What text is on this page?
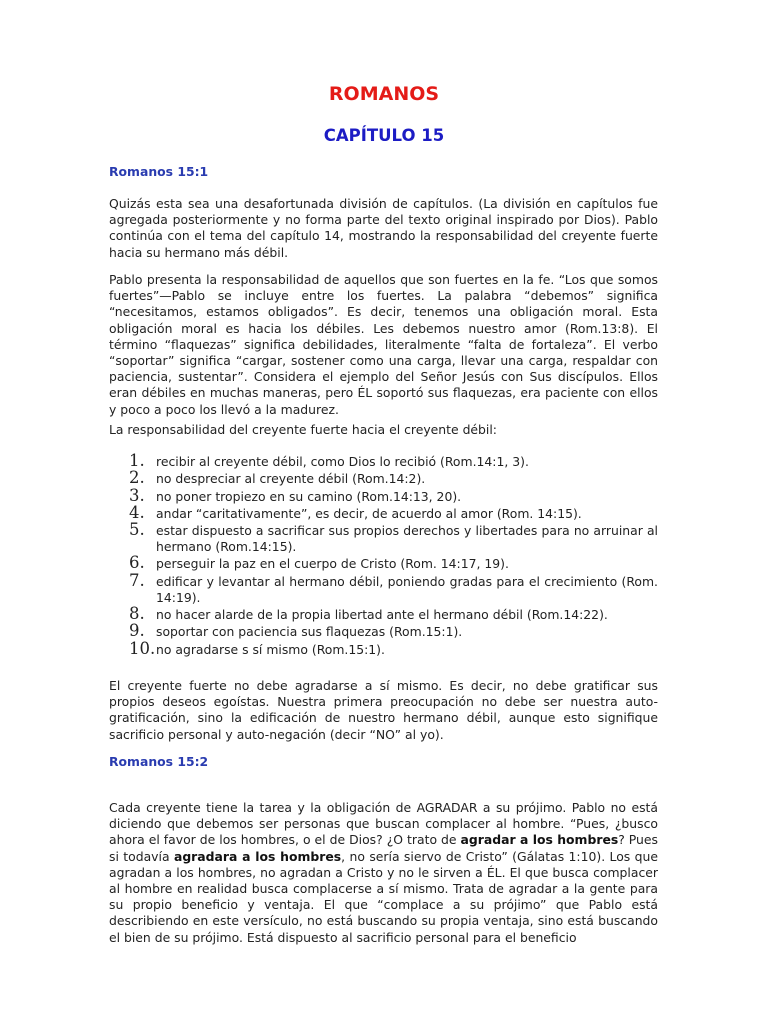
ROMANOS
CAPÍTULO 15
Romanos 15:1

Quizás esta sea una desafortunada división de capítulos. (La división en capítulos fue agregada posteriormente y no forma parte del texto original inspirado por Dios). Pablo continúa con el tema del capítulo 14, mostrando la responsabilidad del creyente fuerte hacia su hermano más débil.

Pablo presenta la responsabilidad de aquellos que son fuertes en la fe. “Los que somos fuertes”—Pablo se incluye entre los fuertes. La palabra “debemos” significa “necesitamos, estamos obligados”. Es decir, tenemos una obligación moral. Esta obligación moral es hacia los débiles. Les debemos nuestro amor (Rom.13:8). El término “flaquezas” significa debilidades, literalmente “falta de fortaleza”. El verbo “soportar” significa “cargar, sostener como una carga, llevar una carga, respaldar con paciencia, sustentar”. Considera el ejemplo del Señor Jesús con Sus discípulos. Ellos eran débiles en muchas maneras, pero ÉL soportó sus flaquezas, era paciente con ellos y poco a poco los llevó a la madurez.

La responsabilidad del creyente fuerte hacia el creyente débil:

1. recibir al creyente débil, como Dios lo recibió (Rom.14:1, 3).
2. no despreciar al creyente débil (Rom.14:2).
3. no poner tropiezo en su camino (Rom.14:13, 20).
4. andar “caritativamente”, es decir, de acuerdo al amor (Rom. 14:15).
5. estar dispuesto a sacrificar sus propios derechos y libertades para no arruinar al hermano (Rom.14:15).
6. perseguir la paz en el cuerpo de Cristo (Rom. 14:17, 19).
7. edificar y levantar al hermano débil, poniendo gradas para el crecimiento (Rom. 14:19).
8. no hacer alarde de la propia libertad ante el hermano débil (Rom.14:22).
9. soportar con paciencia sus flaquezas (Rom.15:1).
10. no agradarse s sí mismo (Rom.15:1).

El creyente fuerte no debe agradarse a sí mismo. Es decir, no debe gratificar sus propios deseos egoístas. Nuestra primera preocupación no debe ser nuestra auto-gratificación, sino la edificación de nuestro hermano débil, aunque esto signifique sacrificio personal y auto-negación (decir “NO” al yo).

Romanos 15:2

Cada creyente tiene la tarea y la obligación de AGRADAR a su prójimo. Pablo no está diciendo que debemos ser personas que buscan complacer al hombre. “Pues, ¿busco ahora el favor de los hombres, o el de Dios? ¿O trato de agradar a los hombres? Pues si todavía agradara a los hombres, no sería siervo de Cristo” (Gálatas 1:10). Los que agradan a los hombres, no agradan a Cristo y no le sirven a ÉL. El que busca complacer al hombre en realidad busca complacerse a sí mismo. Trata de agradar a la gente para su propio beneficio y ventaja. El que “complace a su prójimo” que Pablo está describiendo en este versículo, no está buscando su propia ventaja, sino está buscando el bien de su prójimo. Está dispuesto al sacrificio personal para el beneficio
